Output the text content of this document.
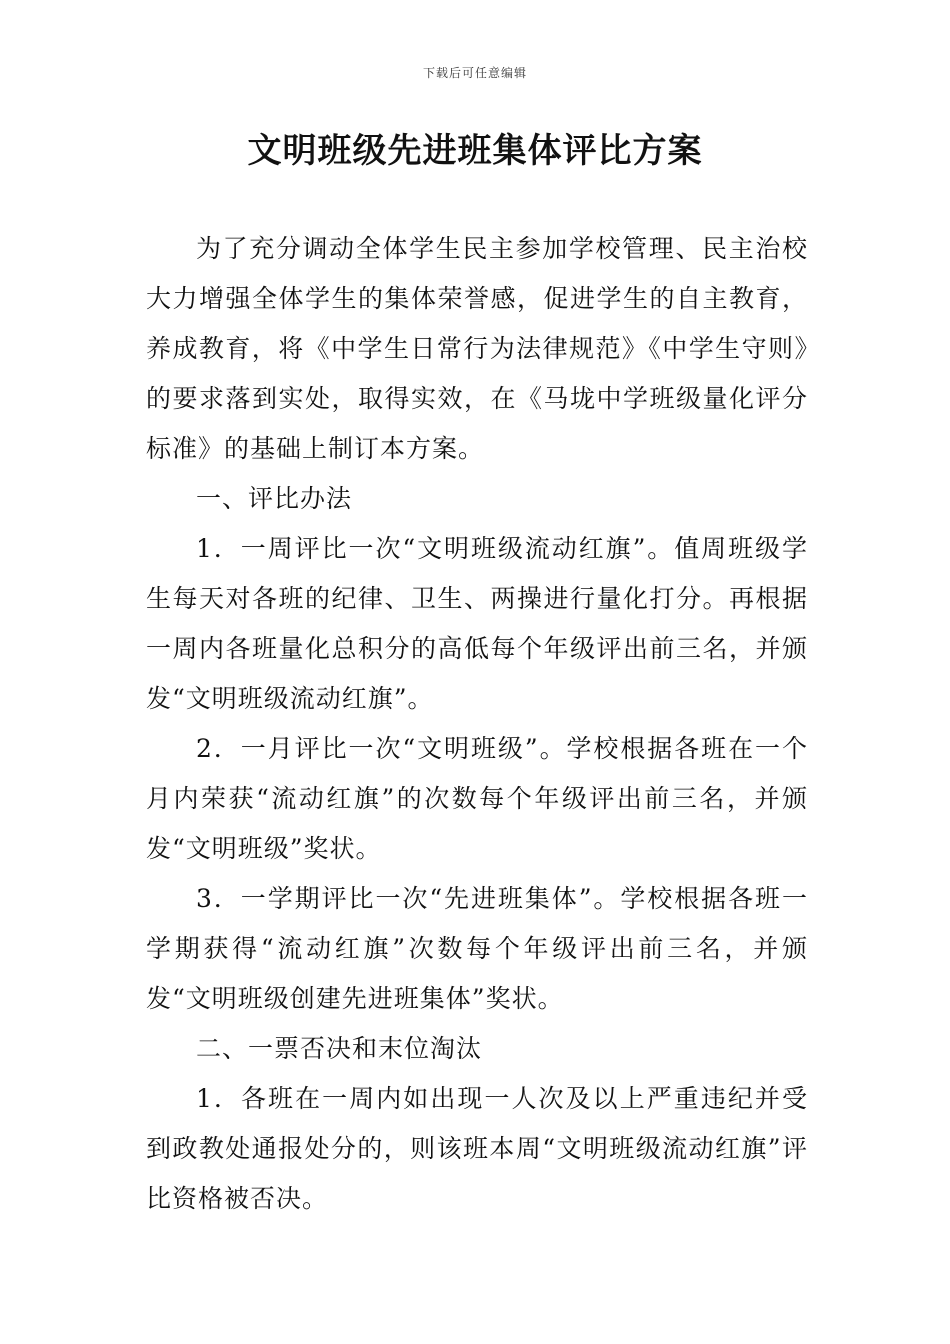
下载后可任意编辑
文明班级先进班集体评比方案

为了充分调动全体学生民主参加学校管理、民主治校大力增强全体学生的集体荣誉感，促进学生的自主教育，养成教育，将《中学生日常行为法律规范》《中学生守则》的要求落到实处，取得实效，在《马垅中学班级量化评分标准》的基础上制订本方案。

一、评比办法

1．一周评比一次“文明班级流动红旗”。值周班级学生每天对各班的纪律、卫生、两操进行量化打分。再根据一周内各班量化总积分的高低每个年级评出前三名，并颁发“文明班级流动红旗”。

2．一月评比一次“文明班级”。学校根据各班在一个月内荣获“流动红旗”的次数每个年级评出前三名，并颁发“文明班级”奖状。

3．一学期评比一次“先进班集体”。学校根据各班一学期获得“流动红旗”次数每个年级评出前三名，并颁发“文明班级创建先进班集体”奖状。

二、一票否决和末位淘汰

1．各班在一周内如出现一人次及以上严重违纪并受到政教处通报处分的，则该班本周“文明班级流动红旗”评比资格被否决。
